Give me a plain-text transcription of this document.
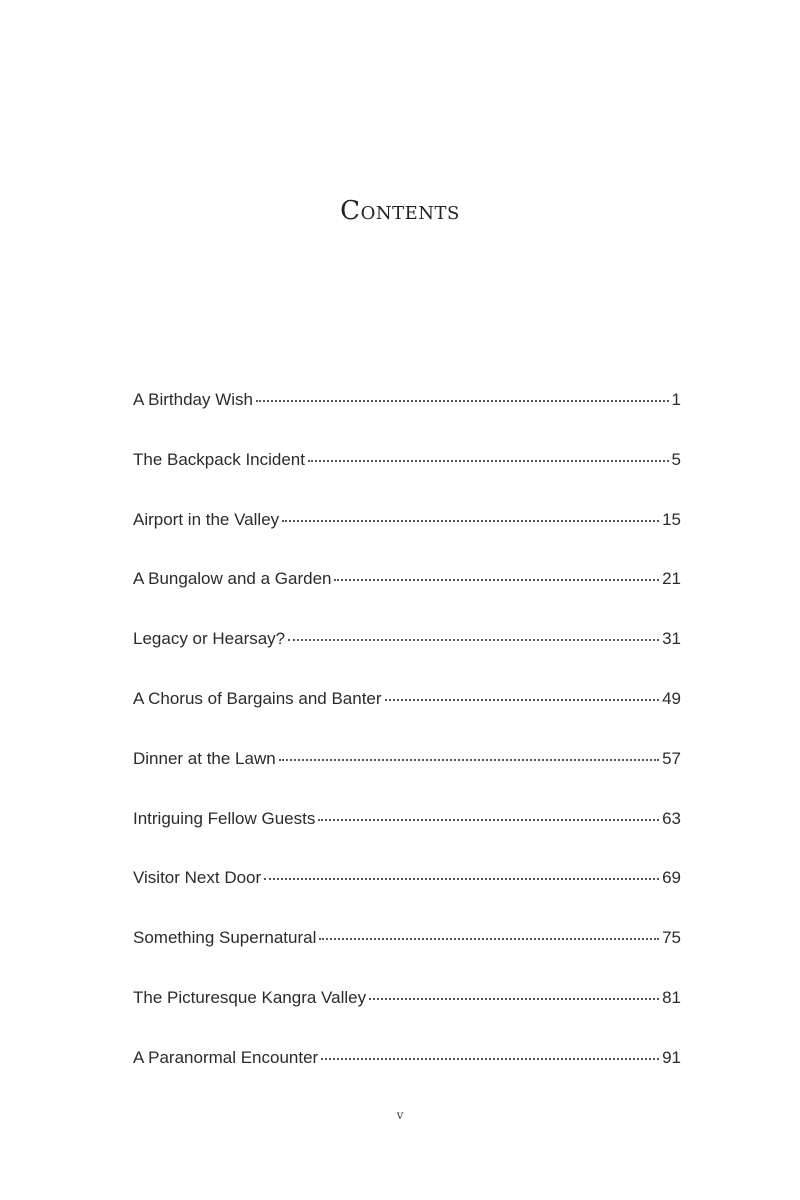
Contents
A Birthday Wish	1
The Backpack Incident	5
Airport in the Valley	15
A Bungalow and a Garden	21
Legacy or Hearsay?	31
A Chorus of Bargains and Banter	49
Dinner at the Lawn	57
Intriguing Fellow Guests	63
Visitor Next Door	69
Something Supernatural	75
The Picturesque Kangra Valley	81
A Paranormal Encounter	91
v
